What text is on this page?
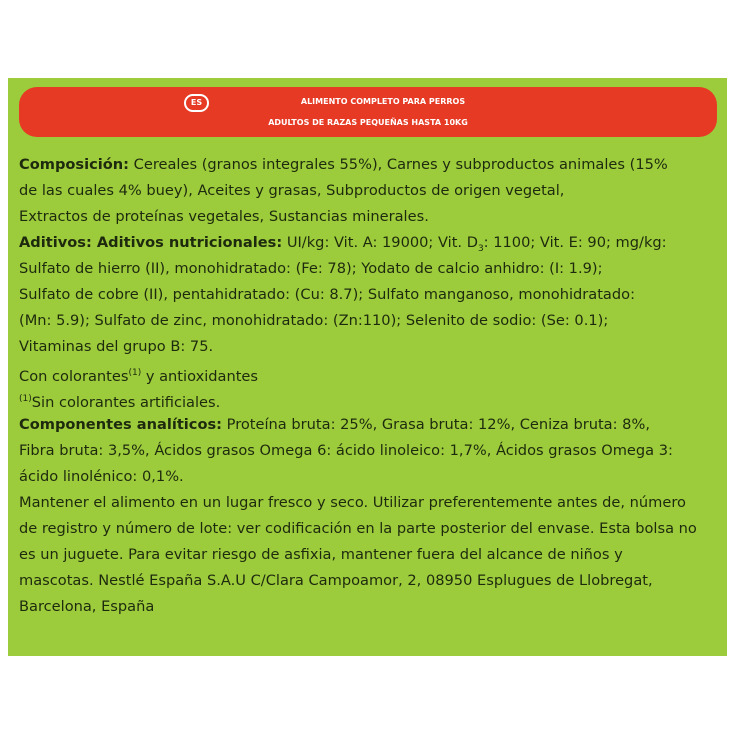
ES	ALIMENTO COMPLETO PARA PERROS
ADULTOS DE RAZAS PEQUEÑAS HASTA 10KG
Composición: Cereales (granos integrales 55%), Carnes y subproductos animales (15%
de las cuales 4% buey), Aceites y grasas, Subproductos de origen vegetal,
Extractos de proteínas vegetales, Sustancias minerales.
Aditivos: Aditivos nutricionales: UI/kg: Vit. A: 19000; Vit. $D_3$: 1100; Vit. E: 90; mg/kg:
Sulfato de hierro (II), monohidratado: (Fe: 78); Yodato de calcio anhidro: (I: 1.9);
Sulfato de cobre (II), pentahidratado: (Cu: 8.7); Sulfato manganoso, monohidratado:
(Mn: 5.9); Sulfato de zinc, monohidratado: (Zn:110); Selenito de sodio: (Se: 0.1);
Vitaminas del grupo B: 75.
Con colorantes$^{(1)}$ y antioxidantes
$^{(1)}$Sin colorantes artificiales.
Componentes analíticos: Proteína bruta: 25%, Grasa bruta: 12%, Ceniza bruta: 8%,
Fibra bruta: 3,5%, Ácidos grasos Omega 6: ácido linoleico: 1,7%, Ácidos grasos Omega 3:
ácido linolénico: 0,1%.
Mantener el alimento en un lugar fresco y seco. Utilizar preferentemente antes de, número
de registro y número de lote: ver codificación en la parte posterior del envase. Esta bolsa no
es un juguete. Para evitar riesgo de asfixia, mantener fuera del alcance de niños y
mascotas. Nestlé España S.A.U C/Clara Campoamor, 2, 08950 Esplugues de Llobregat,
Barcelona, España
